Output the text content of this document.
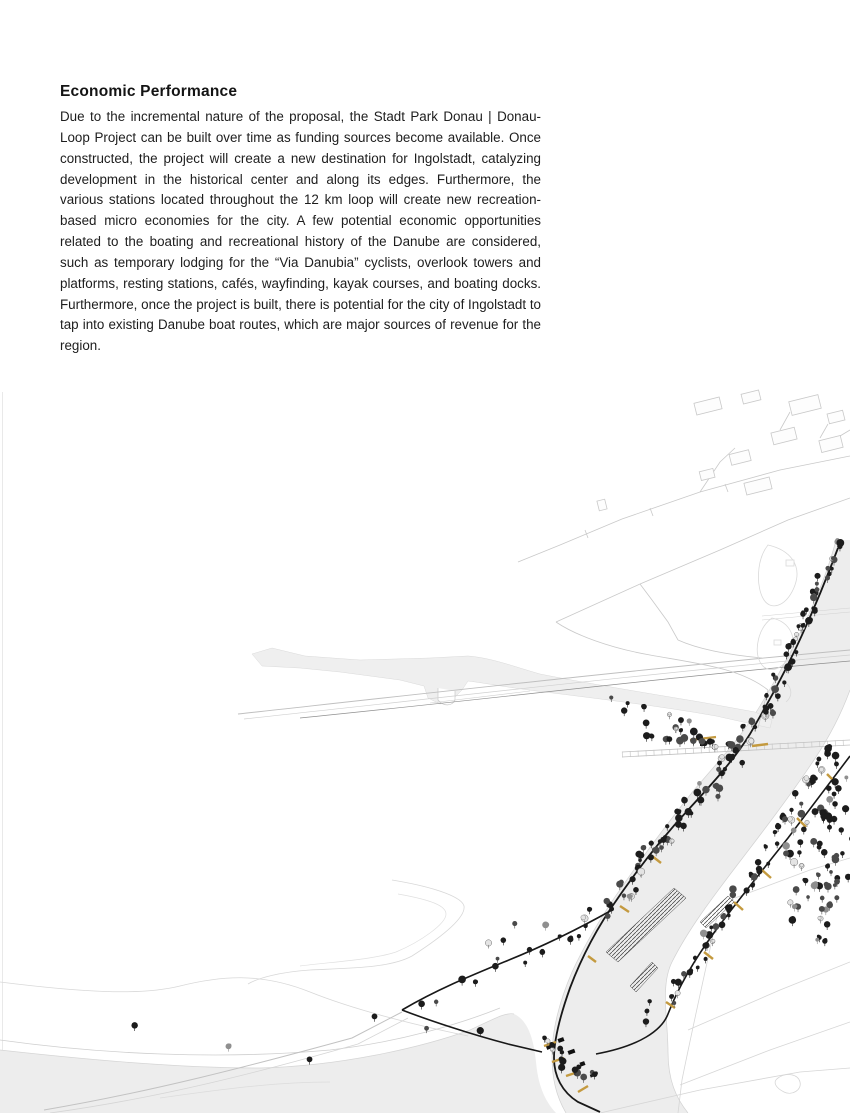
Economic Performance

Due to the incremental nature of the proposal, the Stadt Park Donau | Donau-Loop Project can be built over time as funding sources become available. Once constructed, the project will create a new destination for Ingolstadt, catalyzing development in the historical center and along its edges. Furthermore, the various stations located throughout the 12 km loop will create new recreation-based micro economies for the city. A few potential economic opportunities related to the boating and recreational history of the Danube are considered, such as temporary lodging for the “Via Danubia” cyclists, overlook towers and platforms, resting stations, cafés, wayfinding, kayak courses, and boating docks. Furthermore, once the project is built, there is potential for the city of Ingolstadt to tap into existing Danube boat routes, which are major sources of revenue for the region.
